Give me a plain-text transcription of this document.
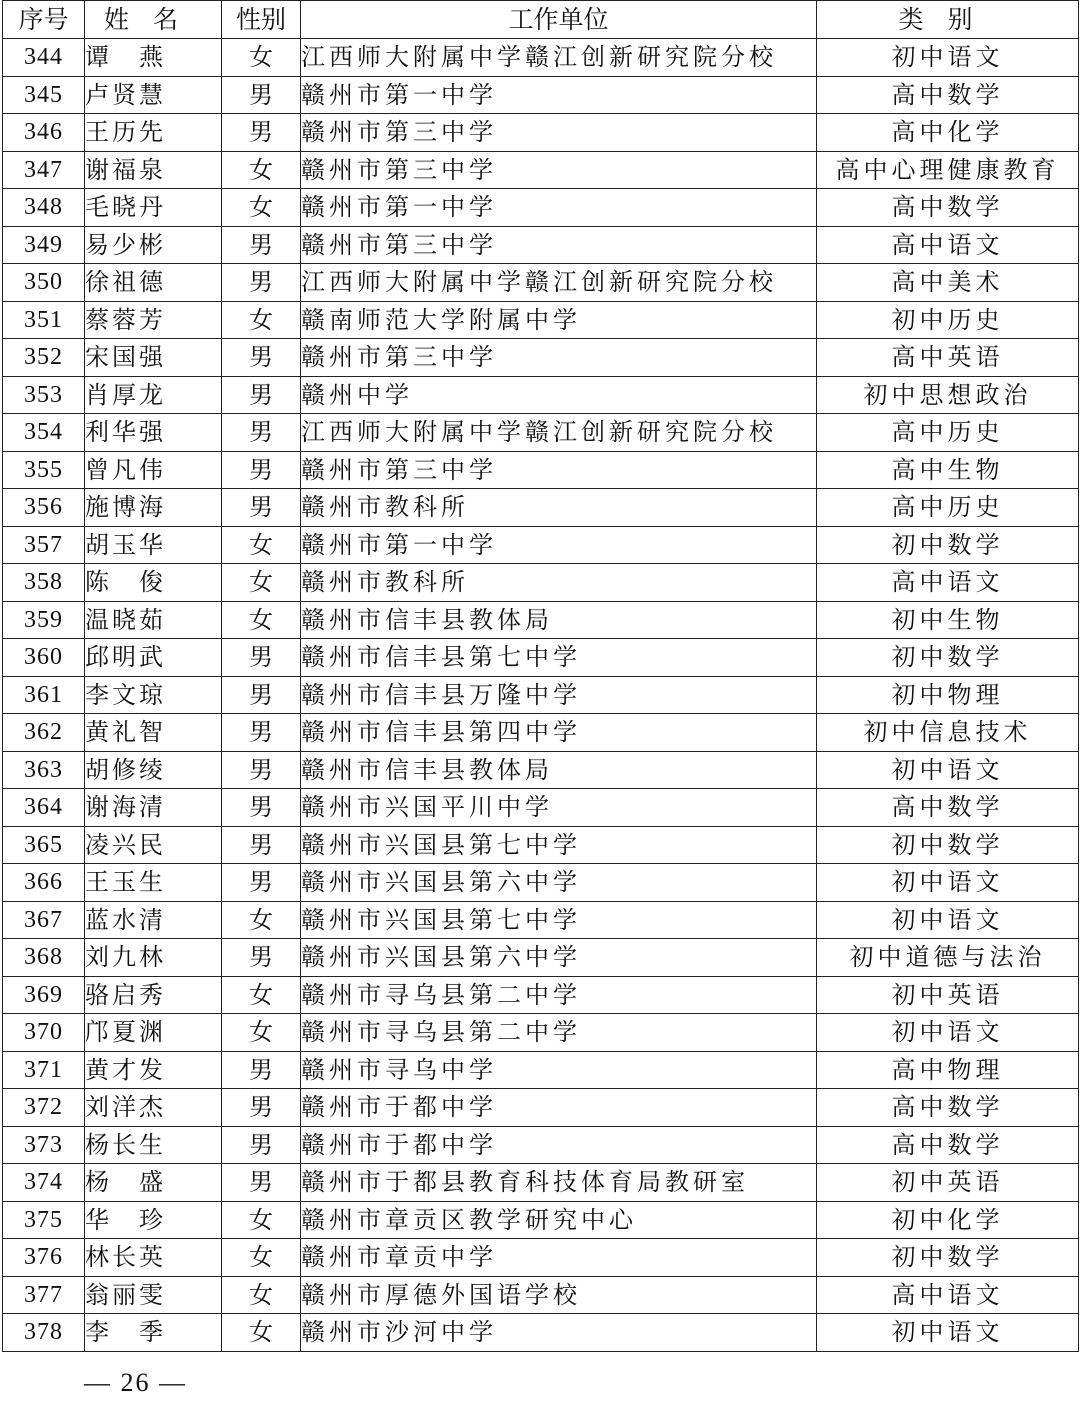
序号	姓名	性别	工作单位	类别
344	谭　燕	女	江西师大附属中学赣江创新研究院分校	初中语文
345	卢贤慧	男	赣州市第一中学	高中数学
346	王历先	男	赣州市第三中学	高中化学
347	谢福泉	女	赣州市第三中学	高中心理健康教育
348	毛晓丹	女	赣州市第一中学	高中数学
349	易少彬	男	赣州市第三中学	高中语文
350	徐祖德	男	江西师大附属中学赣江创新研究院分校	高中美术
351	蔡蓉芳	女	赣南师范大学附属中学	初中历史
352	宋国强	男	赣州市第三中学	高中英语
353	肖厚龙	男	赣州中学	初中思想政治
354	利华强	男	江西师大附属中学赣江创新研究院分校	高中历史
355	曾凡伟	男	赣州市第三中学	高中生物
356	施博海	男	赣州市教科所	高中历史
357	胡玉华	女	赣州市第一中学	初中数学
358	陈　俊	女	赣州市教科所	高中语文
359	温晓茹	女	赣州市信丰县教体局	初中生物
360	邱明武	男	赣州市信丰县第七中学	初中数学
361	李文琼	男	赣州市信丰县万隆中学	初中物理
362	黄礼智	男	赣州市信丰县第四中学	初中信息技术
363	胡修绫	男	赣州市信丰县教体局	初中语文
364	谢海清	男	赣州市兴国平川中学	高中数学
365	凌兴民	男	赣州市兴国县第七中学	初中数学
366	王玉生	男	赣州市兴国县第六中学	初中语文
367	蓝水清	女	赣州市兴国县第七中学	初中语文
368	刘九林	男	赣州市兴国县第六中学	初中道德与法治
369	骆启秀	女	赣州市寻乌县第二中学	初中英语
370	邝夏渊	女	赣州市寻乌县第二中学	初中语文
371	黄才发	男	赣州市寻乌中学	高中物理
372	刘洋杰	男	赣州市于都中学	高中数学
373	杨长生	男	赣州市于都中学	高中数学
374	杨　盛	男	赣州市于都县教育科技体育局教研室	初中英语
375	华　珍	女	赣州市章贡区教学研究中心	初中化学
376	林长英	女	赣州市章贡中学	初中数学
377	翁丽雯	女	赣州市厚德外国语学校	高中语文
378	李　季	女	赣州市沙河中学	初中语文
— 26 —
